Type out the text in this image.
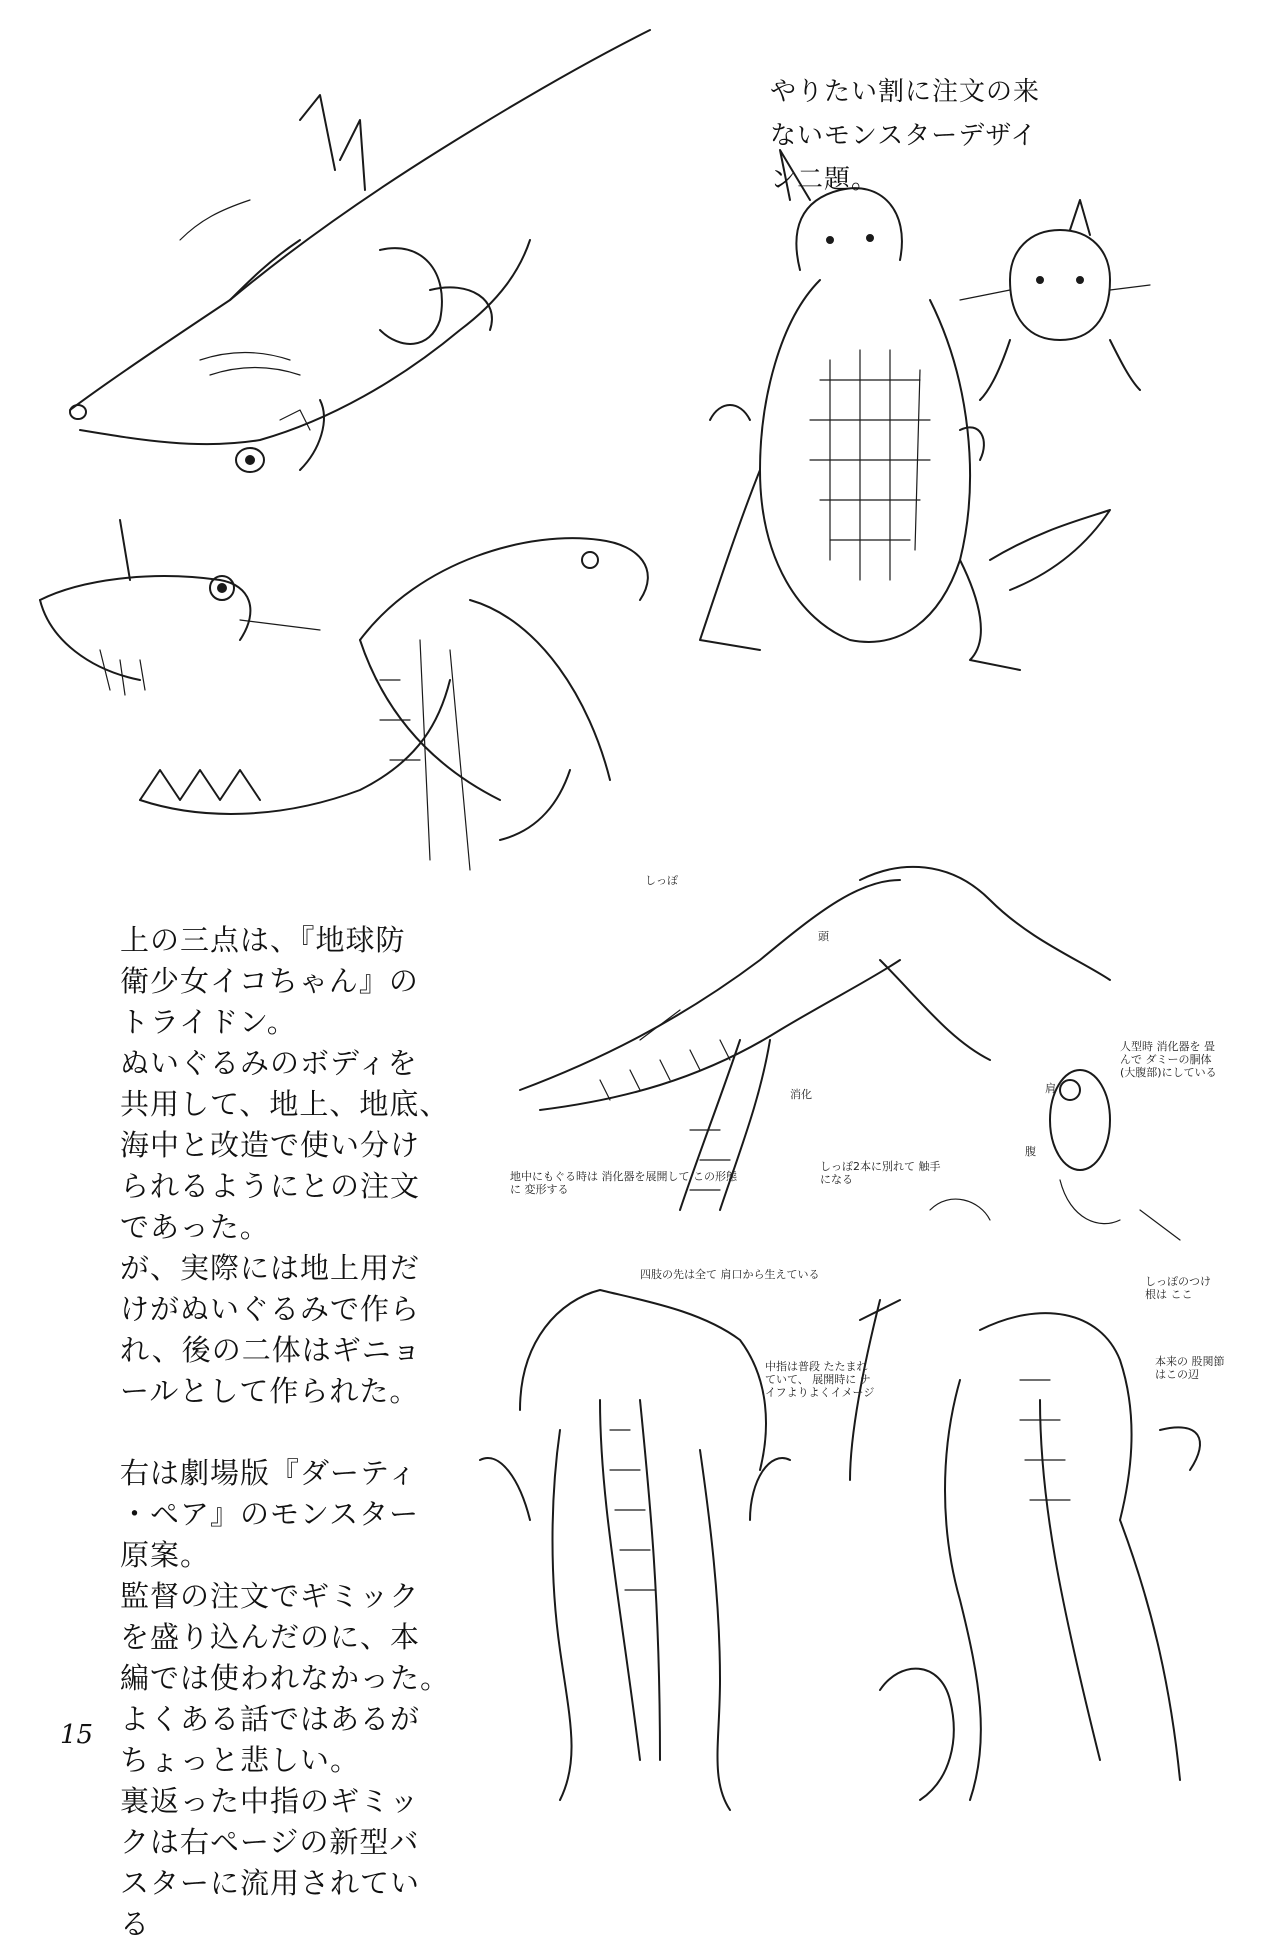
しっぽ
頭
消化	肩
腹
地中にもぐる時は 消化器を展開して この形態に 変形する
しっぽ2本に別れて 触手になる
人型時 消化器を 畳んで ダミーの胴体(大腹部)にしている
四肢の先は全て 肩口から生えている
中指は普段 たたまれていて、 展開時に ナイフよりよくイメージ
しっぽのつけ根は ここ
本来の 股関節はこの辺
やりたい割に注文の来
ないモンスターデザイ
ン二題。
上の三点は、『地球防
衛少女イコちゃん』の
トライドン。
ぬいぐるみのボディを
共用して、地上、地底、
海中と改造で使い分け
られるようにとの注文
であった。
が、実際には地上用だ
けがぬいぐるみで作ら
れ、後の二体はギニョ
ールとして作られた。

右は劇場版『ダーティ
・ペア』のモンスター
原案。
監督の注文でギミック
を盛り込んだのに、本
編では使われなかった。
よくある話ではあるが
ちょっと悲しい。
裏返った中指のギミッ
クは右ページの新型バ
スターに流用されてい
る
15
